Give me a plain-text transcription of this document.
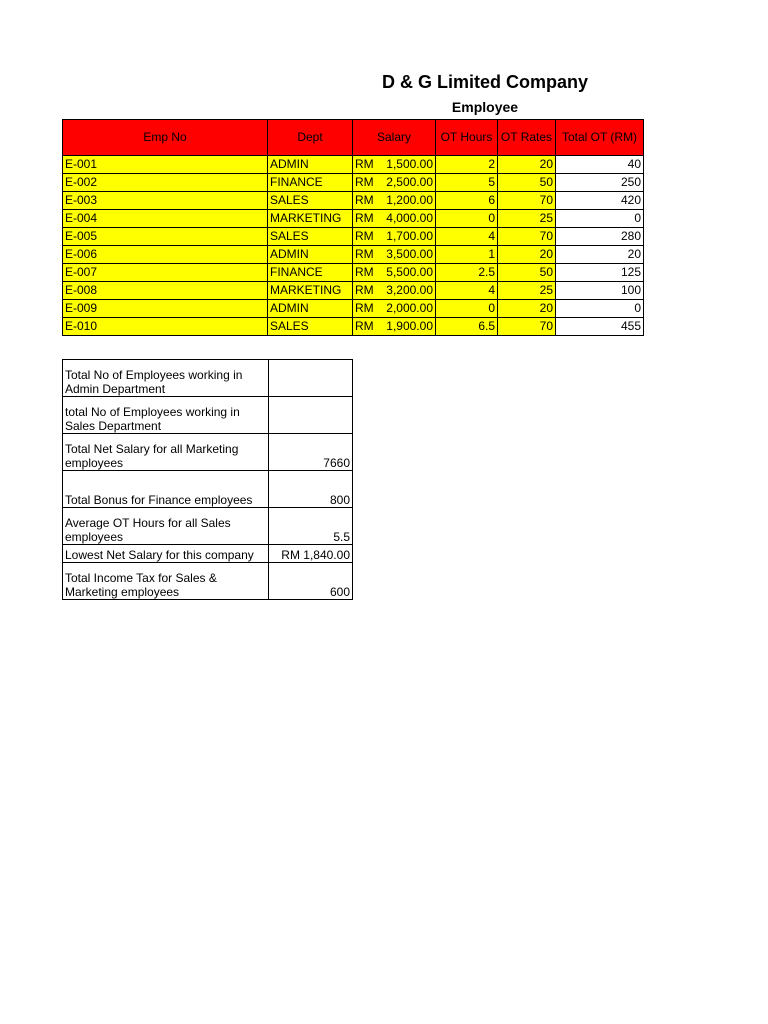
D & G Limited Company
Employee
Emp No	Dept	Salary	OT Hours	OT Rates	Total OT (RM)
E-001	ADMIN	RM 1,500.00	2	20	40
E-002	FINANCE	RM 2,500.00	5	50	250
E-003	SALES	RM 1,200.00	6	70	420
E-004	MARKETING	RM 4,000.00	0	25	0
E-005	SALES	RM 1,700.00	4	70	280
E-006	ADMIN	RM 3,500.00	1	20	20
E-007	FINANCE	RM 5,500.00	2.5	50	125
E-008	MARKETING	RM 3,200.00	4	25	100
E-009	ADMIN	RM 2,000.00	0	20	0
E-010	SALES	RM 1,900.00	6.5	70	455
Total No of Employees working in Admin Department	
total No of Employees working in Sales Department	
Total Net Salary for all Marketing employees	7660
Total Bonus for Finance employees	800
Average OT Hours for all Sales employees	5.5
Lowest Net Salary for this company	RM 1,840.00
Total Income Tax for Sales & Marketing employees	600
